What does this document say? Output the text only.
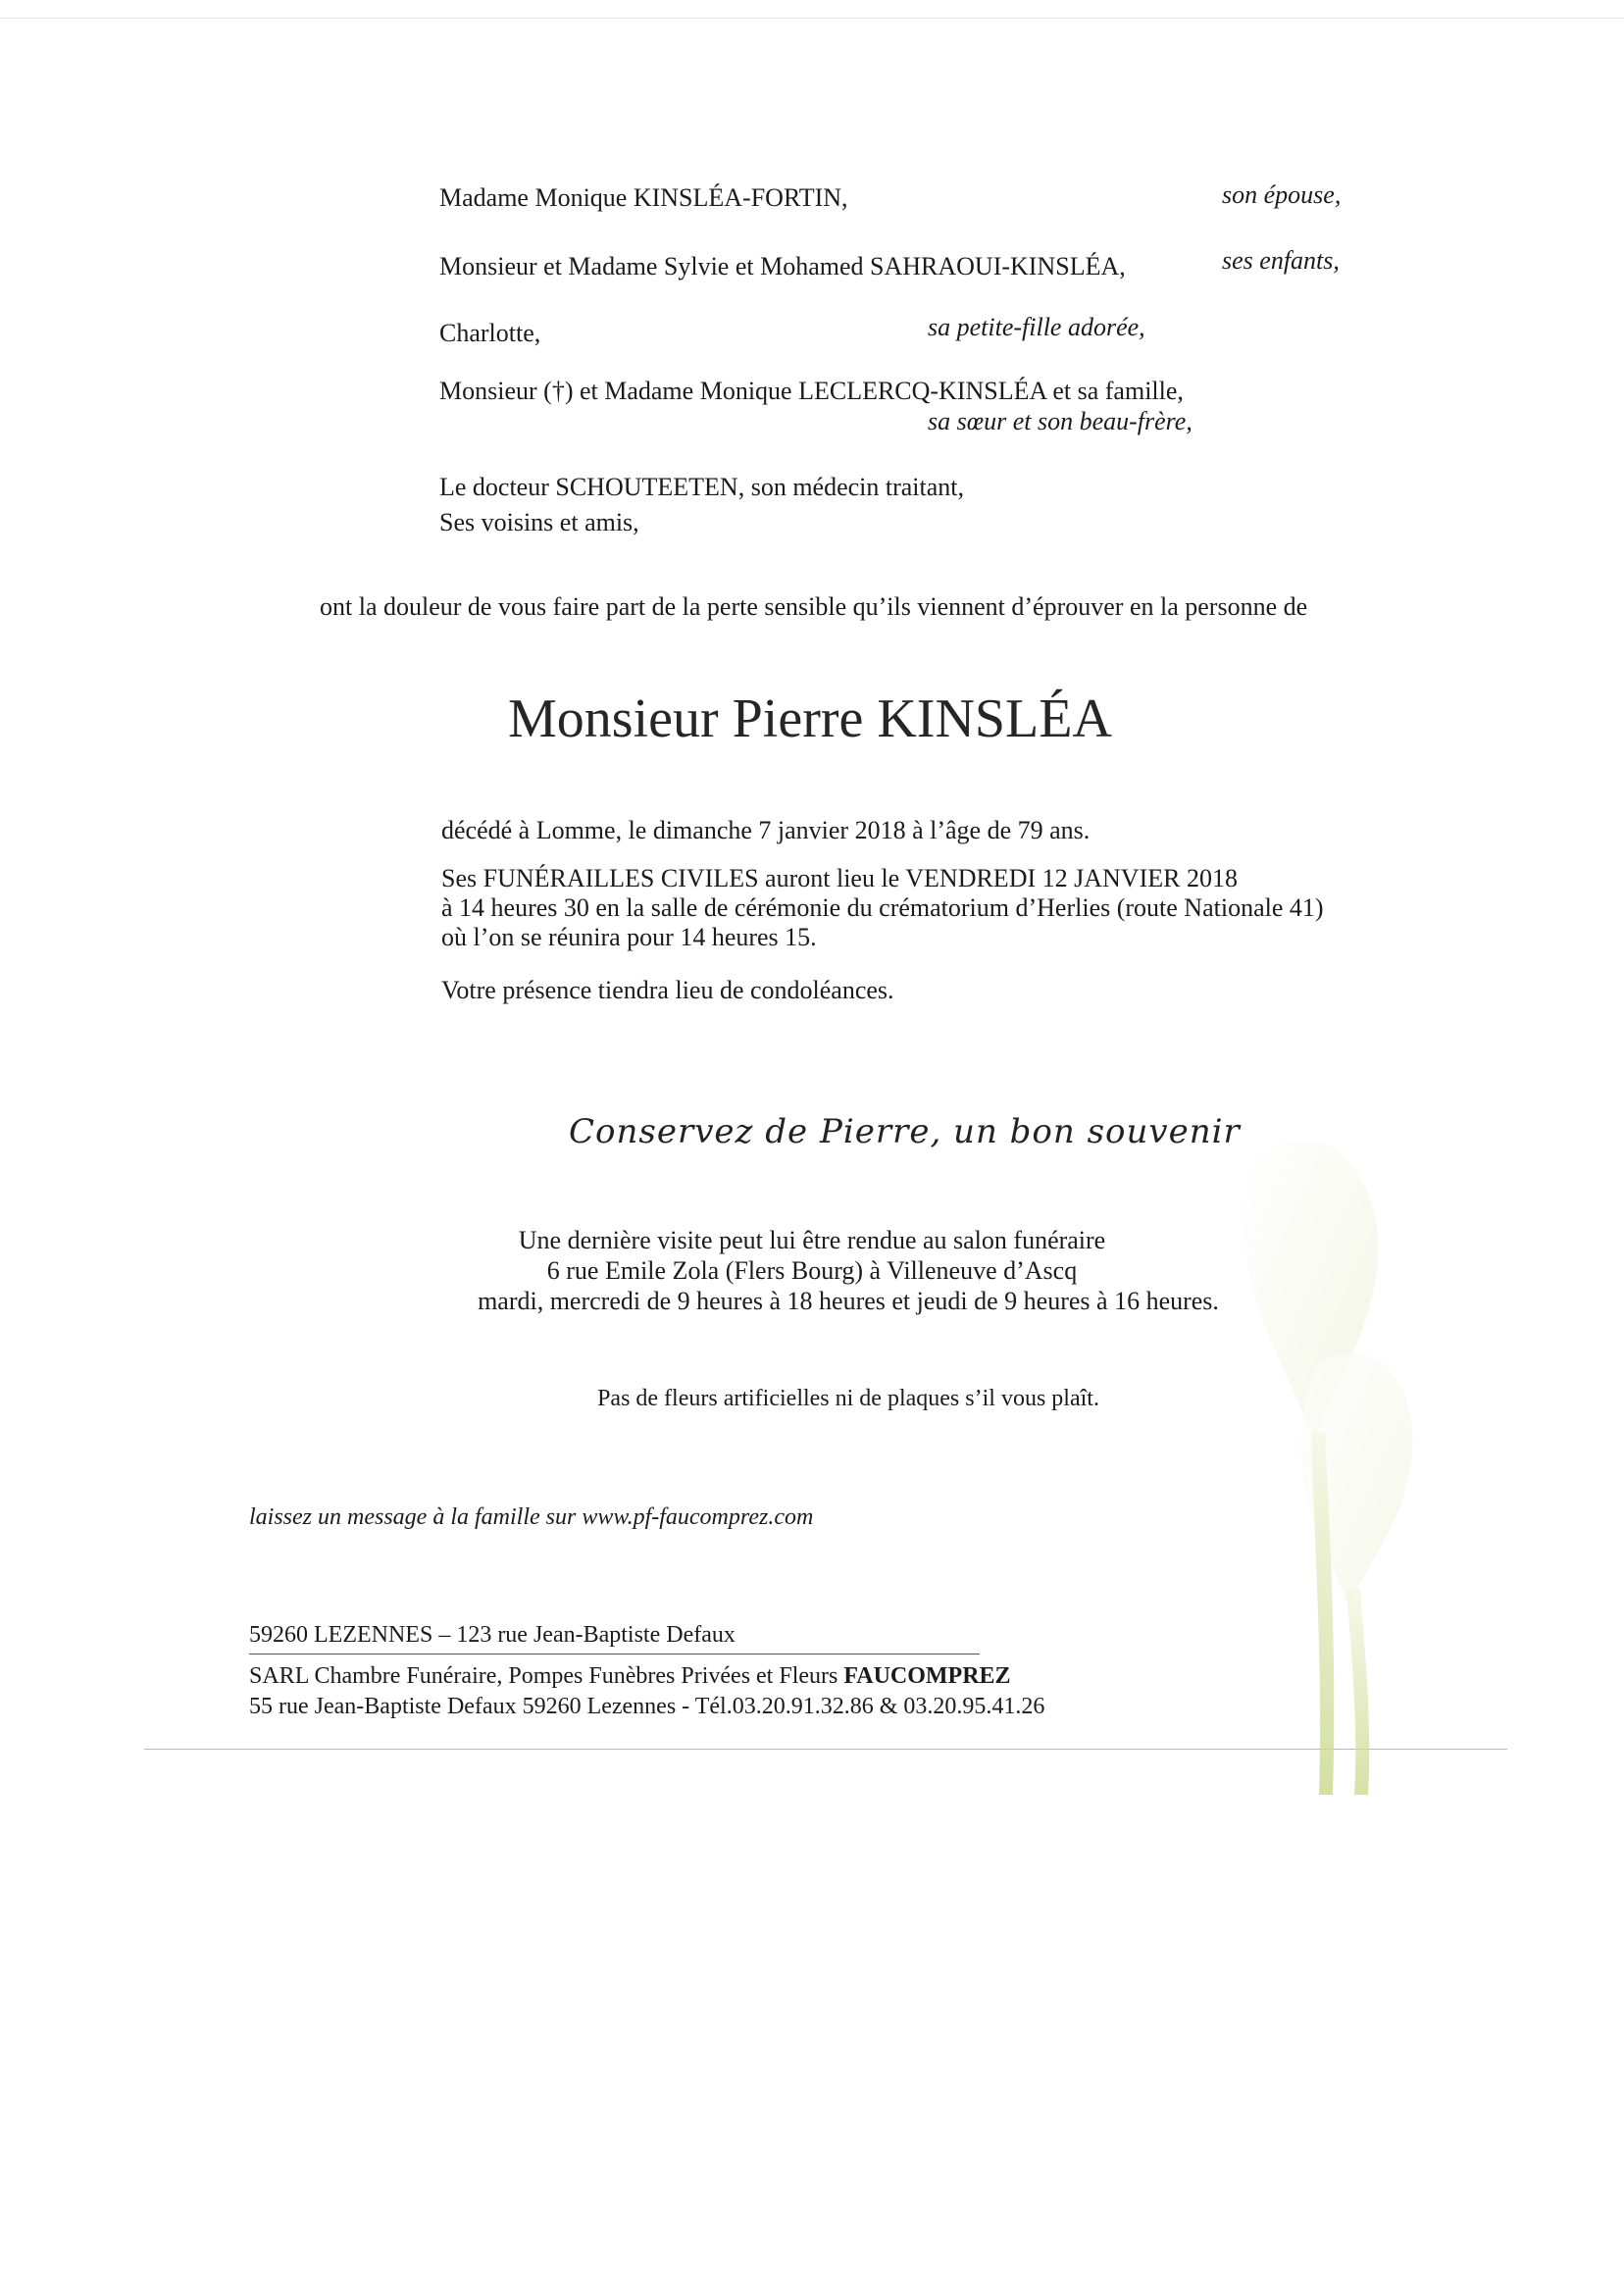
Madame Monique KINSLÉA-FORTIN,	son épouse,
Monsieur et Madame Sylvie et Mohamed SAHRAOUI-KINSLÉA,	ses enfants,
Charlotte,	sa petite-fille adorée,
Monsieur (†) et Madame Monique LECLERCQ-KINSLÉA et sa famille,
sa sœur et son beau-frère,
Le docteur SCHOUTEETEN, son médecin traitant,
Ses voisins et amis,
ont la douleur de vous faire part de la perte sensible qu’ils viennent d’éprouver en la personne de
Monsieur Pierre KINSLÉA
décédé à Lomme, le dimanche 7 janvier 2018 à l’âge de 79 ans.
Ses FUNÉRAILLES CIVILES auront lieu le VENDREDI 12 JANVIER 2018
à 14 heures 30 en la salle de cérémonie du crématorium d’Herlies (route Nationale 41)
où l’on se réunira pour 14 heures 15.
Votre présence tiendra lieu de condoléances.
Conservez de Pierre, un bon souvenir
Une dernière visite peut lui être rendue au salon funéraire
6 rue Emile Zola (Flers Bourg) à Villeneuve d’Ascq
mardi, mercredi de 9 heures à 18 heures et jeudi de 9 heures à 16 heures.
Pas de fleurs artificielles ni de plaques s’il vous plaît.
laissez un message à la famille sur www.pf-faucomprez.com
59260 LEZENNES – 123 rue Jean-Baptiste Defaux
SARL Chambre Funéraire, Pompes Funèbres Privées et Fleurs FAUCOMPREZ
55 rue Jean-Baptiste Defaux 59260 Lezennes - Tél.03.20.91.32.86 & 03.20.95.41.26
